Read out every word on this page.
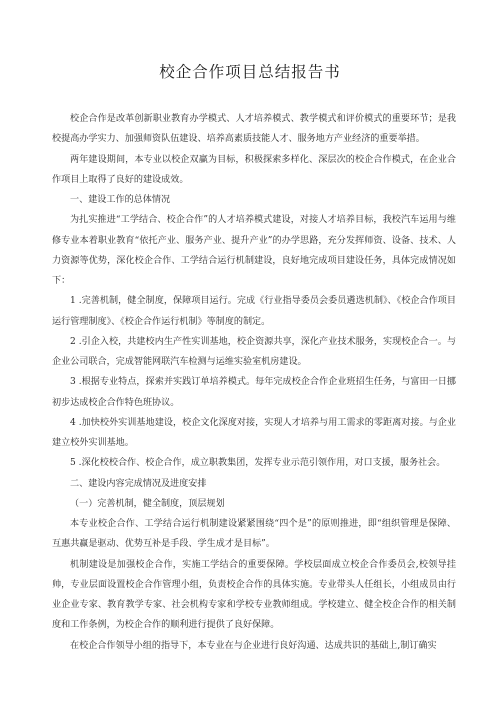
校企合作项目总结报告书

校企合作是改革创新职业教育办学模式、人才培养模式、教学模式和评价模式的重要环节；是我校提高办学实力、加强师资队伍建设、培养高素质技能人才、服务地方产业经济的重要举措。

两年建设期间，本专业以校企双赢为目标，积极探索多样化、深层次的校企合作模式，在企业合作项目上取得了良好的建设成效。

一、建设工作的总体情况

为扎实推进“工学结合、校企合作”的人才培养模式建设，对接人才培养目标，我校汽车运用与维修专业本着职业教育“依托产业、服务产业、提升产业”的办学思路，充分发挥师资、设备、技术、人力资源等优势，深化校企合作、工学结合运行机制建设，良好地完成项目建设任务，具体完成情况如下：

1 .完善机制，健全制度，保障项目运行。完成《行业指导委员会委员遴选机制》、《校企合作项目运行管理制度》、《校企合作运行机制》等制度的制定。

2 .引企入校，共建校内生产性实训基地，校企资源共享，深化产业技术服务，实现校企合一。与企业公司联合，完成智能网联汽车检测与运维实验室机房建设。

3 .根据专业特点，探索并实践订单培养模式。每年完成校企合作企业班招生任务，与富田一日挪初步达成校企合作特色班协议。

4 .加快校外实训基地建设，校企文化深度对接，实现人才培养与用工需求的零距离对接。与企业建立校外实训基地。

5 .深化校校合作、校企合作，成立职教集团，发挥专业示范引领作用，对口支援，服务社会。

二、建设内容完成情况及进度安排

（一）完善机制，健全制度，顶层规划

本专业校企合作、工学结合运行机制建设紧紧围绕“四个是”的原则推进，即“组织管理是保障、互惠共赢是驱动、优势互补是手段、学生成才是目标”。

机制建设是加强校企合作，实施工学结合的重要保障。学校层面成立校企合作委员会,校领导挂帅，专业层面设置校企合作管理小组，负责校企合作的具体实施。专业带头人任组长，小组成员由行业企业专家、教育教学专家、社会机构专家和学校专业教师组成。学校建立、健全校企合作的相关制度和工作条例，为校企合作的顺利进行提供了良好保障。

在校企合作领导小组的指导下，本专业在与企业进行良好沟通、达成共识的基础上,制订确实
